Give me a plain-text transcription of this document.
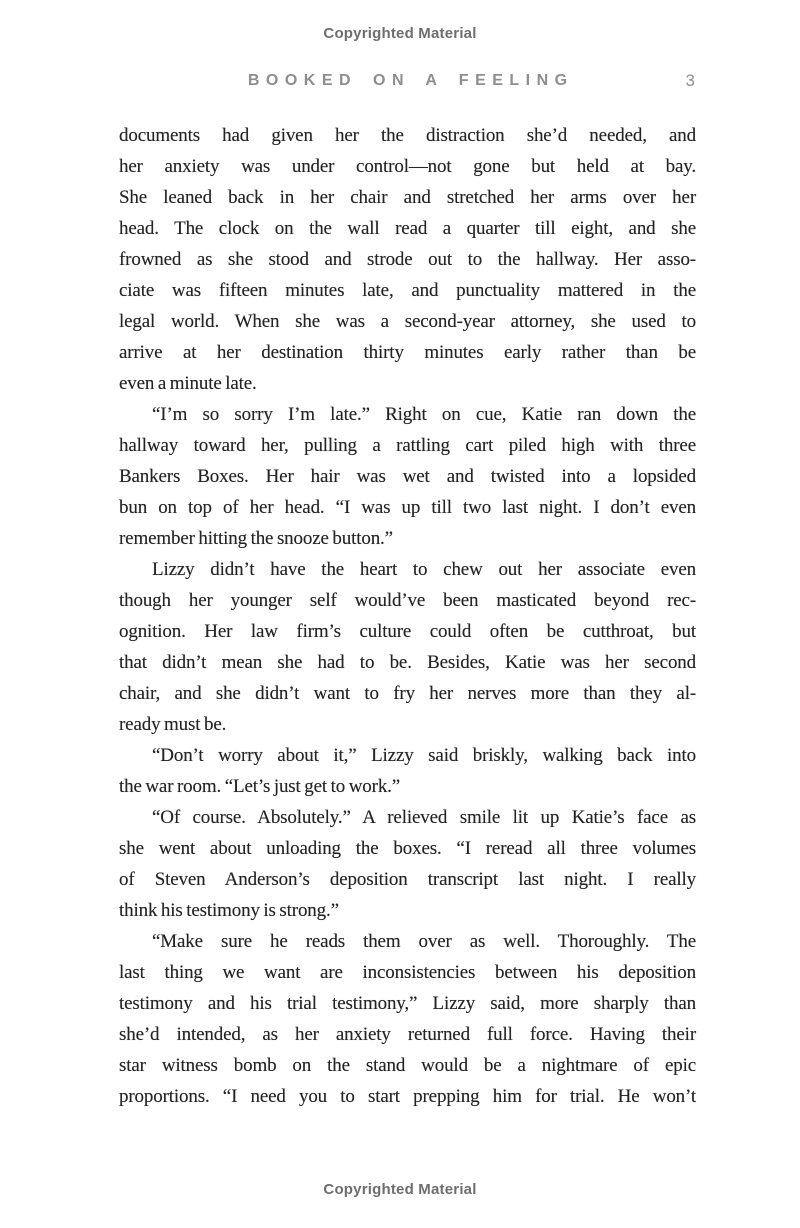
Copyrighted Material
BOOKED ON A FEELING	3
documents had given her the distraction she’d needed, and
her anxiety was under control—not gone but held at bay.
She leaned back in her chair and stretched her arms over her
head. The clock on the wall read a quarter till eight, and she
frowned as she stood and strode out to the hallway. Her asso-
ciate was fifteen minutes late, and punctuality mattered in the
legal world. When she was a second-year attorney, she used to
arrive at her destination thirty minutes early rather than be
even a minute late.
“I’m so sorry I’m late.” Right on cue, Katie ran down the
hallway toward her, pulling a rattling cart piled high with three
Bankers Boxes. Her hair was wet and twisted into a lopsided
bun on top of her head. “I was up till two last night. I don’t even
remember hitting the snooze button.”
Lizzy didn’t have the heart to chew out her associate even
though her younger self would’ve been masticated beyond rec-
ognition. Her law firm’s culture could often be cutthroat, but
that didn’t mean she had to be. Besides, Katie was her second
chair, and she didn’t want to fry her nerves more than they al-
ready must be.
“Don’t worry about it,” Lizzy said briskly, walking back into
the war room. “Let’s just get to work.”
“Of course. Absolutely.” A relieved smile lit up Katie’s face as
she went about unloading the boxes. “I reread all three volumes
of Steven Anderson’s deposition transcript last night. I really
think his testimony is strong.”
“Make sure he reads them over as well. Thoroughly. The
last thing we want are inconsistencies between his deposition
testimony and his trial testimony,” Lizzy said, more sharply than
she’d intended, as her anxiety returned full force. Having their
star witness bomb on the stand would be a nightmare of epic
proportions. “I need you to start prepping him for trial. He won’t
Copyrighted Material
